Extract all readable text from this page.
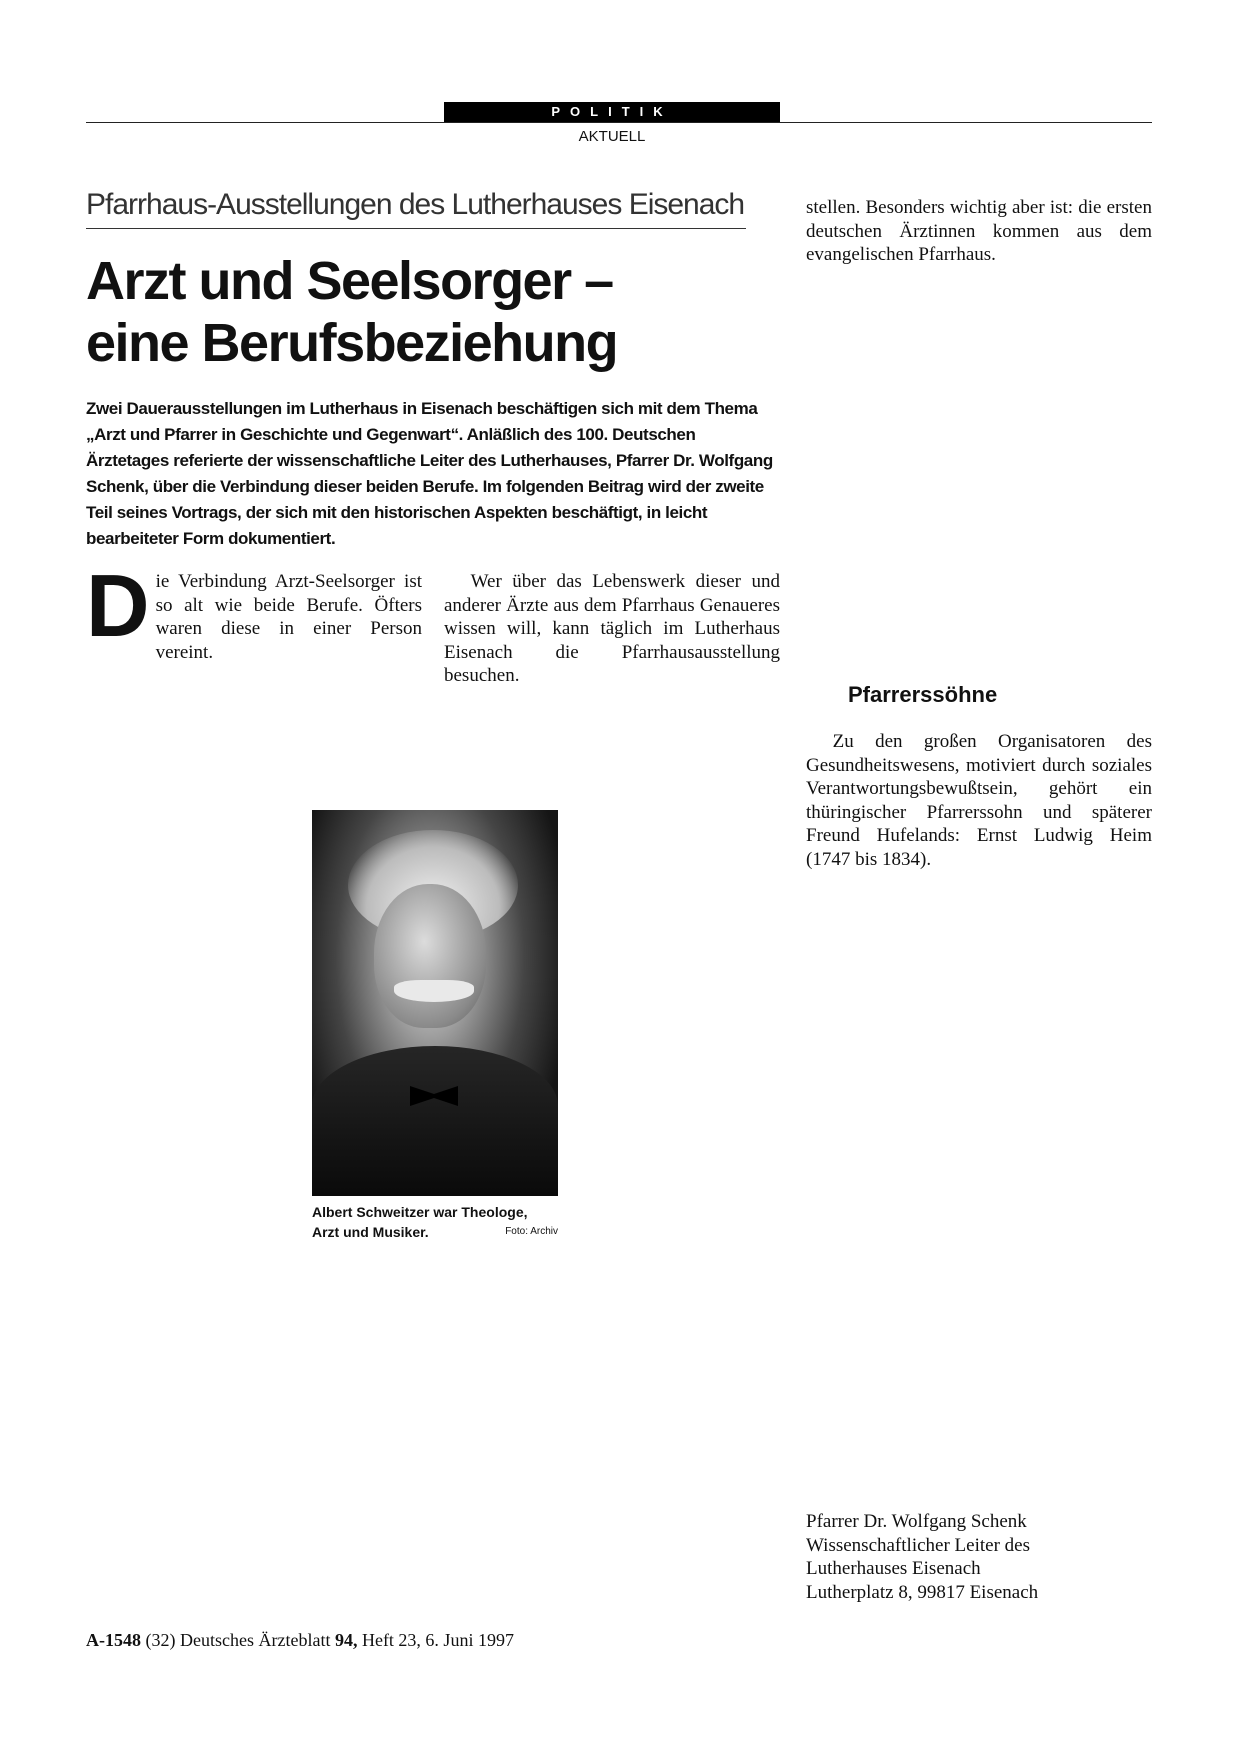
POLITIK
AKTUELL
Pfarrhaus-Ausstellungen des Lutherhauses Eisenach
Arzt und Seelsorger –
eine Berufsbeziehung

Zwei Dauerausstellungen im Lutherhaus in Eisenach beschäftigen sich mit dem Thema „Arzt und Pfarrer in Geschichte und Gegenwart“. Anläßlich des 100. Deutschen Ärztetages referierte der wissenschaftliche Leiter des Lutherhauses, Pfarrer Dr. Wolfgang Schenk, über die Verbindung dieser beiden Berufe. Im folgenden Beitrag wird der zweite Teil seines Vortrags, der sich mit den historischen Aspekten beschäftigt, in leicht bearbeiteter Form dokumentiert.

D ie Verbindung Arzt-Seelsorger ist so alt wie beide Berufe. Öfters waren diese in einer Person vereint.

Wer über das Lebenswerk dieser und anderer Ärzte aus dem Pfarrhaus Genaueres wissen will, kann täglich im Lutherhaus Eisenach die Pfarrhausausstellung besuchen.

Albert Schweitzer war Theologe, Arzt und Musiker.	Foto: Archiv

stellen. Besonders wichtig aber ist: die ersten deutschen Ärztinnen kommen aus dem evangelischen Pfarrhaus.

Pfarrerssöhne

Zu den großen Organisatoren des Gesundheitswesens, motiviert durch soziales Verantwortungsbewußtsein, gehört ein thüringischer Pfarrerssohn und späterer Freund Hufelands: Ernst Ludwig Heim (1747 bis 1834).

Pfarrer Dr. Wolfgang Schenk
Wissenschaftlicher Leiter des
Lutherhauses Eisenach
Lutherplatz 8, 99817 Eisenach
A-1548 (32) Deutsches Ärzteblatt 94, Heft 23, 6. Juni 1997
